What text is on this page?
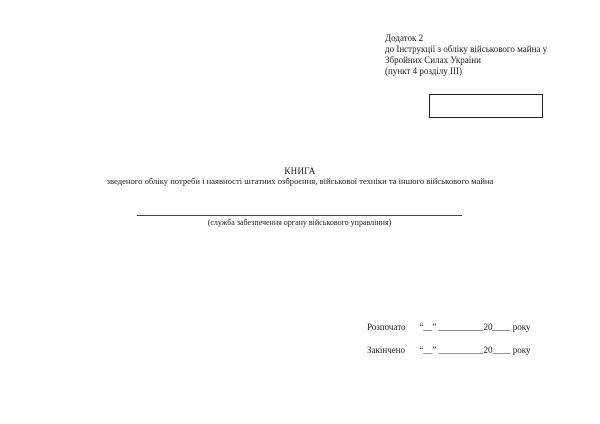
Додаток 2
до Інструкції з обліку військового майна у
Збройних Силах України
(пункт 4 розділу ІІІ)
КНИГА
зведеного обліку потреби і наявності штатних озброєння, військової техніки та іншого військового майна
(служба забезпечення органу військового управління)
Розпочато “__” __________20____ року
Закінчено “__” __________20____ року
